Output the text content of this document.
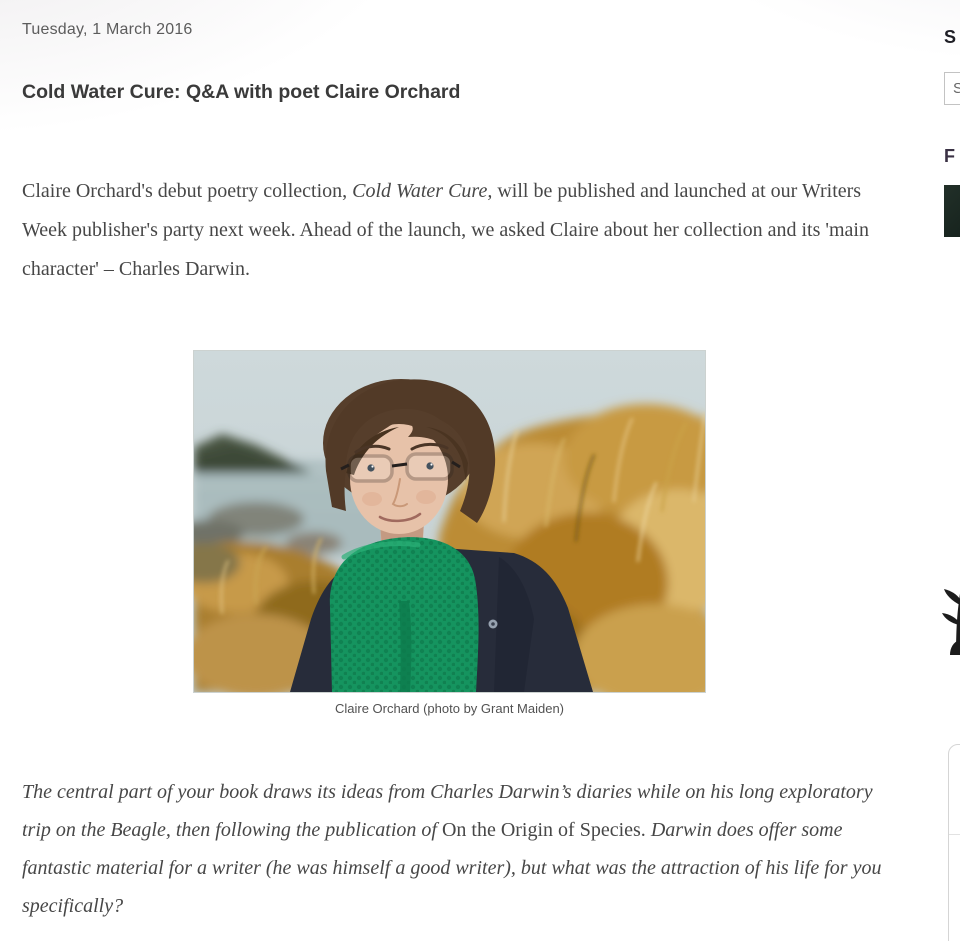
Tuesday, 1 March 2016
Cold Water Cure: Q&A with poet Claire Orchard

Claire Orchard's debut poetry collection, Cold Water Cure, will be published and launched at our Writers Week publisher's party next week. Ahead of the launch, we asked Claire about her collection and its 'main character' – Charles Darwin.

Claire Orchard (photo by Grant Maiden)

The central part of your book draws its ideas from Charles Darwin’s diaries while on his long exploratory trip on the Beagle, then following the publication of On the Origin of Species. Darwin does offer some fantastic material for a writer (he was himself a good writer), but what was the attraction of his life for you specifically?

S
S
F
